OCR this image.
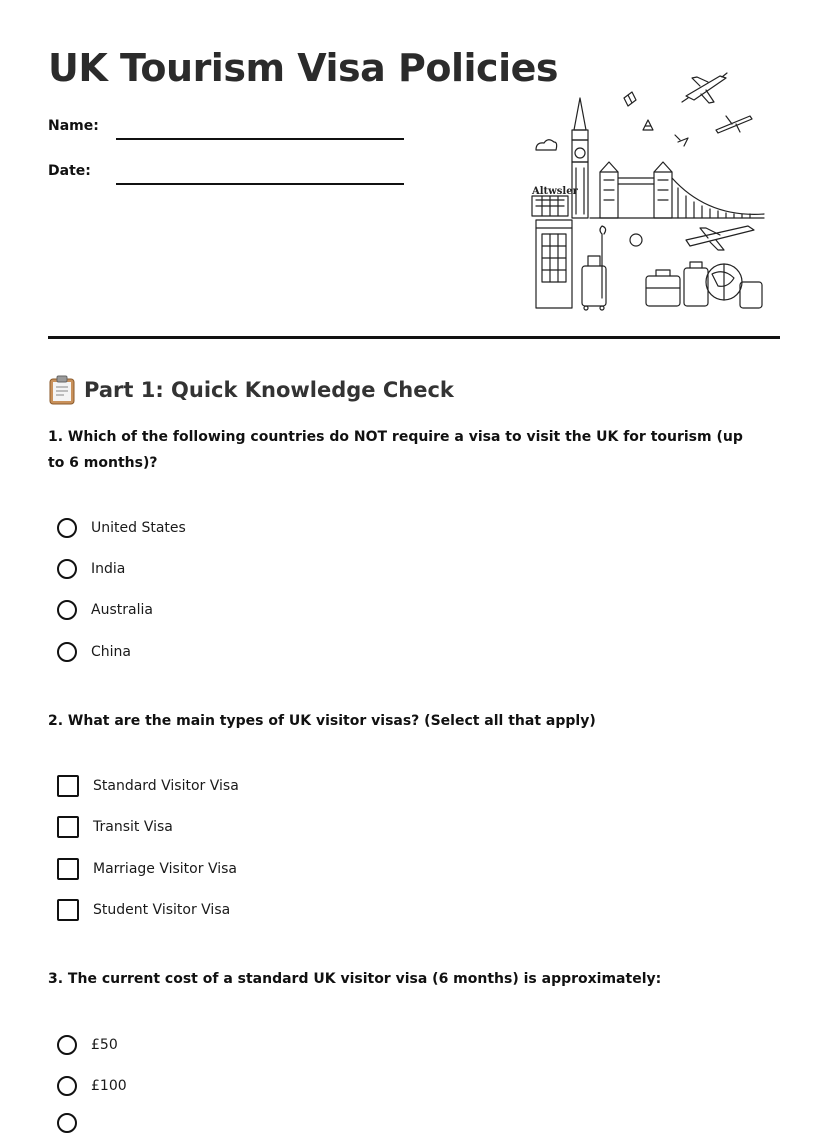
UK Tourism Visa Policies
Name:
Date:
Altwsler
Part 1: Quick Knowledge Check
1. Which of the following countries do NOT require a visa to visit the UK for tourism (up to 6 months)?
United States
India
Australia
China
2. What are the main types of UK visitor visas? (Select all that apply)
Standard Visitor Visa
Transit Visa
Marriage Visitor Visa
Student Visitor Visa
3. The current cost of a standard UK visitor visa (6 months) is approximately:
£50
£100
